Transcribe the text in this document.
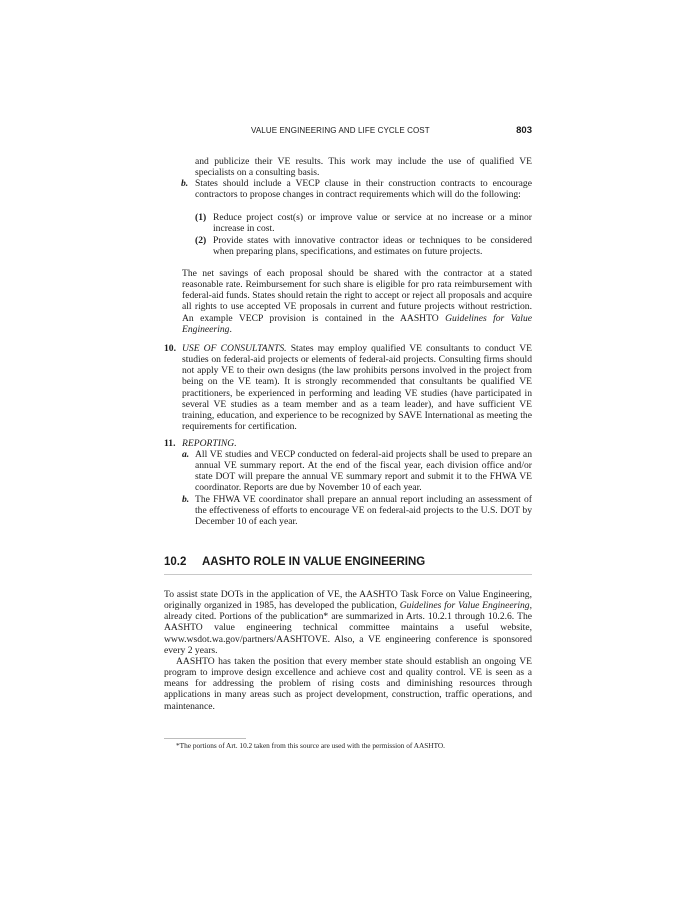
VALUE ENGINEERING AND LIFE CYCLE COST	803

and publicize their VE results. This work may include the use of qualified VE specialists on a consulting basis.

b. States should include a VECP clause in their construction contracts to encourage contractors to propose changes in contract requirements which will do the following:

(1) Reduce project cost(s) or improve value or service at no increase or a minor increase in cost.

(2) Provide states with innovative contractor ideas or techniques to be considered when preparing plans, specifications, and estimates on future projects.

The net savings of each proposal should be shared with the contractor at a stated reasonable rate. Reimbursement for such share is eligible for pro rata reimbursement with federal-aid funds. States should retain the right to accept or reject all proposals and acquire all rights to use accepted VE proposals in current and future projects without restriction. An example VECP provision is contained in the AASHTO Guidelines for Value Engineering.

10. USE OF CONSULTANTS. States may employ qualified VE consultants to conduct VE studies on federal-aid projects or elements of federal-aid projects. Consulting firms should not apply VE to their own designs (the law prohibits persons involved in the project from being on the VE team). It is strongly recommended that consultants be qualified VE practitioners, be experienced in performing and leading VE studies (have participated in several VE studies as a team member and as a team leader), and have sufficient VE training, education, and experience to be recognized by SAVE International as meeting the requirements for certification.

11. REPORTING.

a. All VE studies and VECP conducted on federal-aid projects shall be used to prepare an annual VE summary report. At the end of the fiscal year, each division office and/or state DOT will prepare the annual VE summary report and submit it to the FHWA VE coordinator. Reports are due by November 10 of each year.

b. The FHWA VE coordinator shall prepare an annual report including an assessment of the effectiveness of efforts to encourage VE on federal-aid projects to the U.S. DOT by December 10 of each year.

10.2 AASHTO ROLE IN VALUE ENGINEERING

To assist state DOTs in the application of VE, the AASHTO Task Force on Value Engineering, originally organized in 1985, has developed the publication, Guidelines for Value Engineering, already cited. Portions of the publication* are summarized in Arts. 10.2.1 through 10.2.6. The AASHTO value engineering technical committee maintains a useful website, www.wsdot.wa.gov/partners/AASHTOVE. Also, a VE engineering conference is sponsored every 2 years.

AASHTO has taken the position that every member state should establish an ongoing VE program to improve design excellence and achieve cost and quality control. VE is seen as a means for addressing the problem of rising costs and diminishing resources through applications in many areas such as project development, construction, traffic operations, and maintenance.

*The portions of Art. 10.2 taken from this source are used with the permission of AASHTO.
